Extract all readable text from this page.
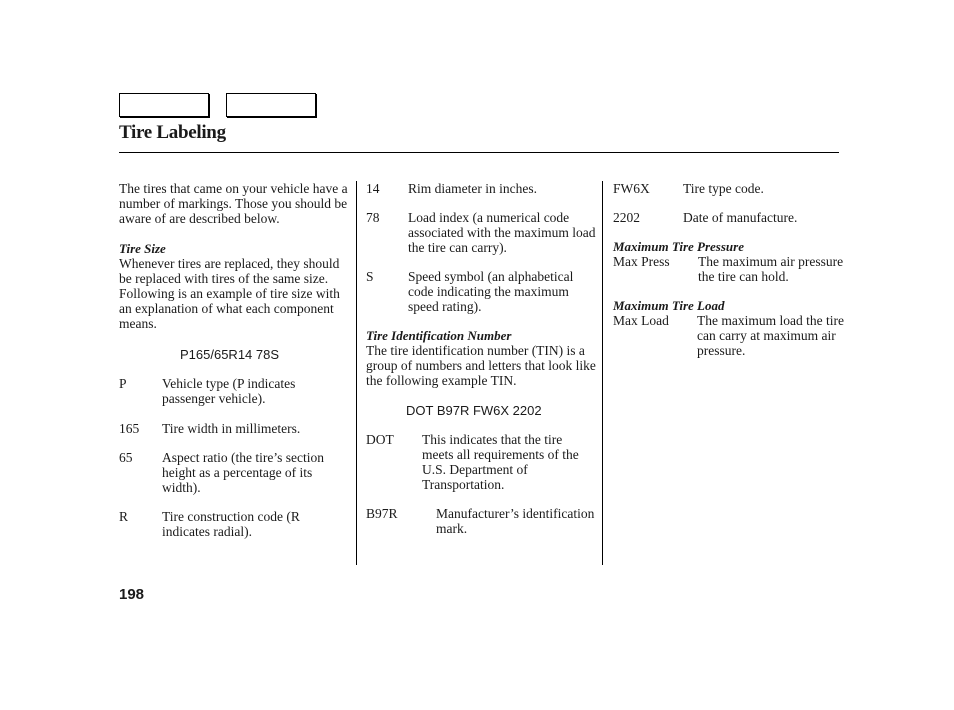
Tire Labeling

The tires that came on your vehicle have a number of markings. Those you should be aware of are described below.

Tire Size

Whenever tires are replaced, they should be replaced with tires of the same size. Following is an example of tire size with an explanation of what each component means.

P165/65R14 78S

P	Vehicle type (P indicates passenger vehicle).
165	Tire width in millimeters.
65	Aspect ratio (the tire’s section height as a percentage of its width).
R	Tire construction code (R indicates radial).
14	Rim diameter in inches.
78	Load index (a numerical code associated with the maximum load the tire can carry).
S	Speed symbol (an alphabetical code indicating the maximum speed rating).

Tire Identification Number

The tire identification number (TIN) is a group of numbers and letters that look like the following example TIN.

DOT B97R FW6X 2202

DOT	This indicates that the tire meets all requirements of the U.S. Department of Transportation.
B97R	Manufacturer’s identification mark.
FW6X	Tire type code.
2202	Date of manufacture.

Maximum Tire Pressure

Max Press	The maximum air pressure the tire can hold.

Maximum Tire Load

Max Load	The maximum load the tire can carry at maximum air pressure.
198
